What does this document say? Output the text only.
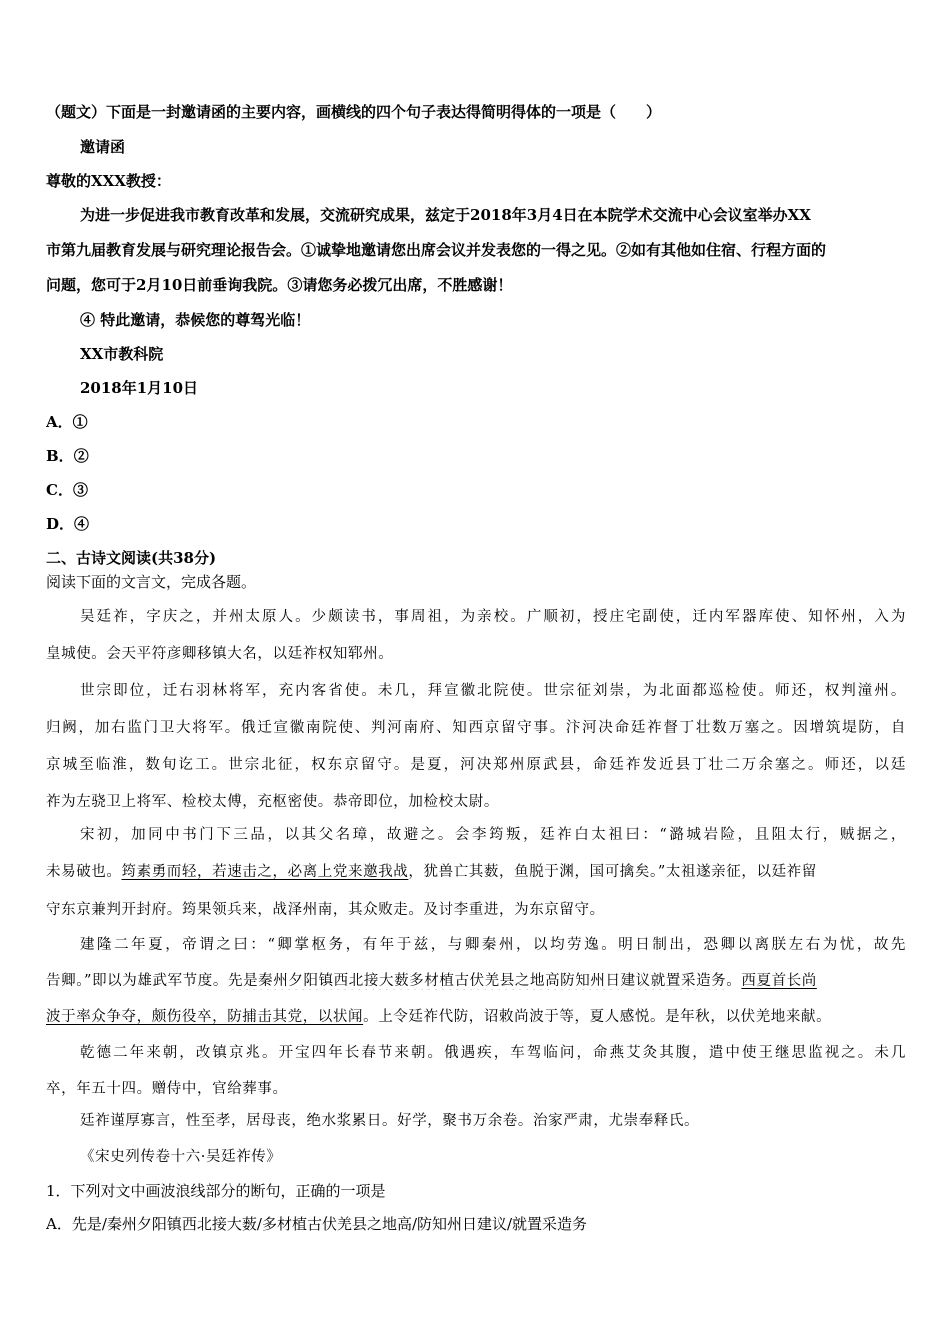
（题文）下面是一封邀请函的主要内容，画横线的四个句子表达得简明得体的一项是（　　）
邀请函
尊敬的XXX教授：
为进一步促进我市教育改革和发展，交流研究成果，兹定于2018年3月4日在本院学术交流中心会议室举办XX
市第九届教育发展与研究理论报告会。①诚挚地邀请您出席会议并发表您的一得之见。②如有其他如住宿、行程方面的
问题，您可于2月10日前垂询我院。③请您务必拨冗出席，不胜感谢！
④ 特此邀请，恭候您的尊驾光临！
XX市教科院
2018年1月10日
A．①
B．②
C．③
D．④
二、古诗文阅读(共38分)
阅读下面的文言文，完成各题。
吴廷祚，字庆之，并州太原人。少颇读书，事周祖，为亲校。广顺初，授庄宅副使，迁内军器库使、知怀州，入为
皇城使。会天平符彦卿移镇大名，以廷祚权知郓州。
世宗即位，迁右羽林将军，充内客省使。未几，拜宣徽北院使。世宗征刘崇，为北面都巡检使。师还，权判潼州。
归阙，加右监门卫大将军。俄迁宣徽南院使、判河南府、知西京留守事。汴河决命廷祚督丁壮数万塞之。因增筑堤防，自
京城至临淮，数旬讫工。世宗北征，权东京留守。是夏，河决郑州原武县，命廷祚发近县丁壮二万余塞之。师还，以廷
祚为左骁卫上将军、检校太傅，充枢密使。恭帝即位，加检校太尉。
宋初，加同中书门下三品，以其父名璋，故避之。会李筠叛，廷祚白太祖曰：“潞城岩险，且阻太行，贼据之，
未易破也。筠素勇而轻，若速击之，必离上党来邀我战，犹兽亡其薮，鱼脱于渊，国可擒矣。”太祖遂亲征，以廷祚留
守东京兼判开封府。筠果领兵来，战泽州南，其众败走。及讨李重进，为东京留守。
建隆二年夏，帝谓之曰：“卿掌枢务，有年于兹，与卿秦州，以均劳逸。明日制出，恐卿以离朕左右为忧，故先
告卿。”即以为雄武军节度。先是秦州夕阳镇西北接大薮多材植古伏羌县之地高防知州日建议就置采造务。西夏首长尚
波于率众争夺，颇伤役卒，防捕击其党，以状闻。上令廷祚代防，诏敕尚波于等，夏人感悦。是年秋，以伏羌地来献。
乾德二年来朝，改镇京兆。开宝四年长春节来朝。俄遇疾，车驾临问，命燕艾灸其腹，遣中使王继思监视之。未几
卒，年五十四。赠侍中，官给葬事。
廷祚谨厚寡言，性至孝，居母丧，绝水浆累日。好学，聚书万余卷。治家严肃，尤崇奉释氏。
《宋史列传卷十六·吴廷祚传》
1．下列对文中画波浪线部分的断句，正确的一项是
A．先是/秦州夕阳镇西北接大薮/多材植古伏羌县之地高/防知州日建议/就置采造务
